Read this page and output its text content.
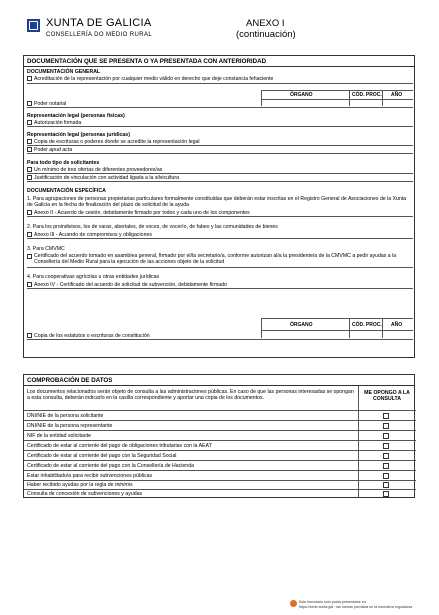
XUNTA DE GALICIA
CONSELLERÍA DO MEDIO RURAL
ANEXO I
(continuación)
DOCUMENTACIÓN QUE SE PRESENTA O YA PRESENTADA CON ANTERIORIDAD
DOCUMENTACIÓN GENERAL
Acreditación de la representación por cualquier medio válido en derecho que deje constancia fehaciente
ÓRGANO	CÓD. PROC. AÑO
Poder notarial
Representación legal (personas físicas)
Autorización firmada
Representación legal (personas jurídicas)
Copia de escrituras o poderes donde se acredite la representación legal
Poder apud acta
Para todo tipo de solicitantes
Un mínimo de tres ofertas de diferentes proveedores/as
Justificación de vinculación con actividad ligada a la silvicultura
DOCUMENTACIÓN ESPECÍFICA
1. Para agrupaciones de personas propietarias particulares formalmente constituidas que deberán estar inscritas en el Registro General de Asociaciones de la Xunta de Galicia en la fecha de finalización del plazo de solicitud de la ayuda
Anexo II - Acuerdo de cesión, debidamente firmado por todos y cada uno de los componentes
2. Para los proindivisos, los de varas, abertales, de voces, de vocerío, de fabeo y las comunidades de bienes
Anexo III - Acuerdo de compromisos y obligaciones
3. Para CMVMC
Certificado del acuerdo tomado en asamblea general, firmado por el/la secretario/a, conforme autorizan al/a la presidente/a de la CMVMC a pedir ayudas a la Consellería del Medio Rural para la ejecución de las acciones objeto de la solicitud
4. Para cooperativas agrícolas u otras entidades jurídicas
Anexo IV - Certificado del acuerdo de solicitud de subvención, debidamente firmado
ÓRGANO	CÓD. PROC. AÑO
Copia de los estatutos o escrituras de constitución
COMPROBACIÓN DE DATOS
Los documentos relacionados serán objeto de consulta a las administraciones públicas. En caso de que las personas interesadas se opongan a esta consulta, deberán indicarlo en la casilla correspondiente y aportar una copia de los documentos.
ME OPONGO A LA CONSULTA
DNI/NIE de la persona solicitante
DNI/NIE de la persona representante
NIF de la entidad solicitante
Certificado de estar al corriente del pago de obligaciones tributarias con la AEAT
Certificado de estar al corriente del pago con la Seguridad Social
Certificado de estar al corriente del pago con la Consellería de Hacienda
Estar inhabilitado/a para recibir subvenciones públicas
Haber recibido ayudas por la regla de minimis
Consulta de concesión de subvenciones y ayudas
Este formulario sólo podrá presentarse en
https://sede.xunta.gal · las formas previstas en la normativa reguladora
